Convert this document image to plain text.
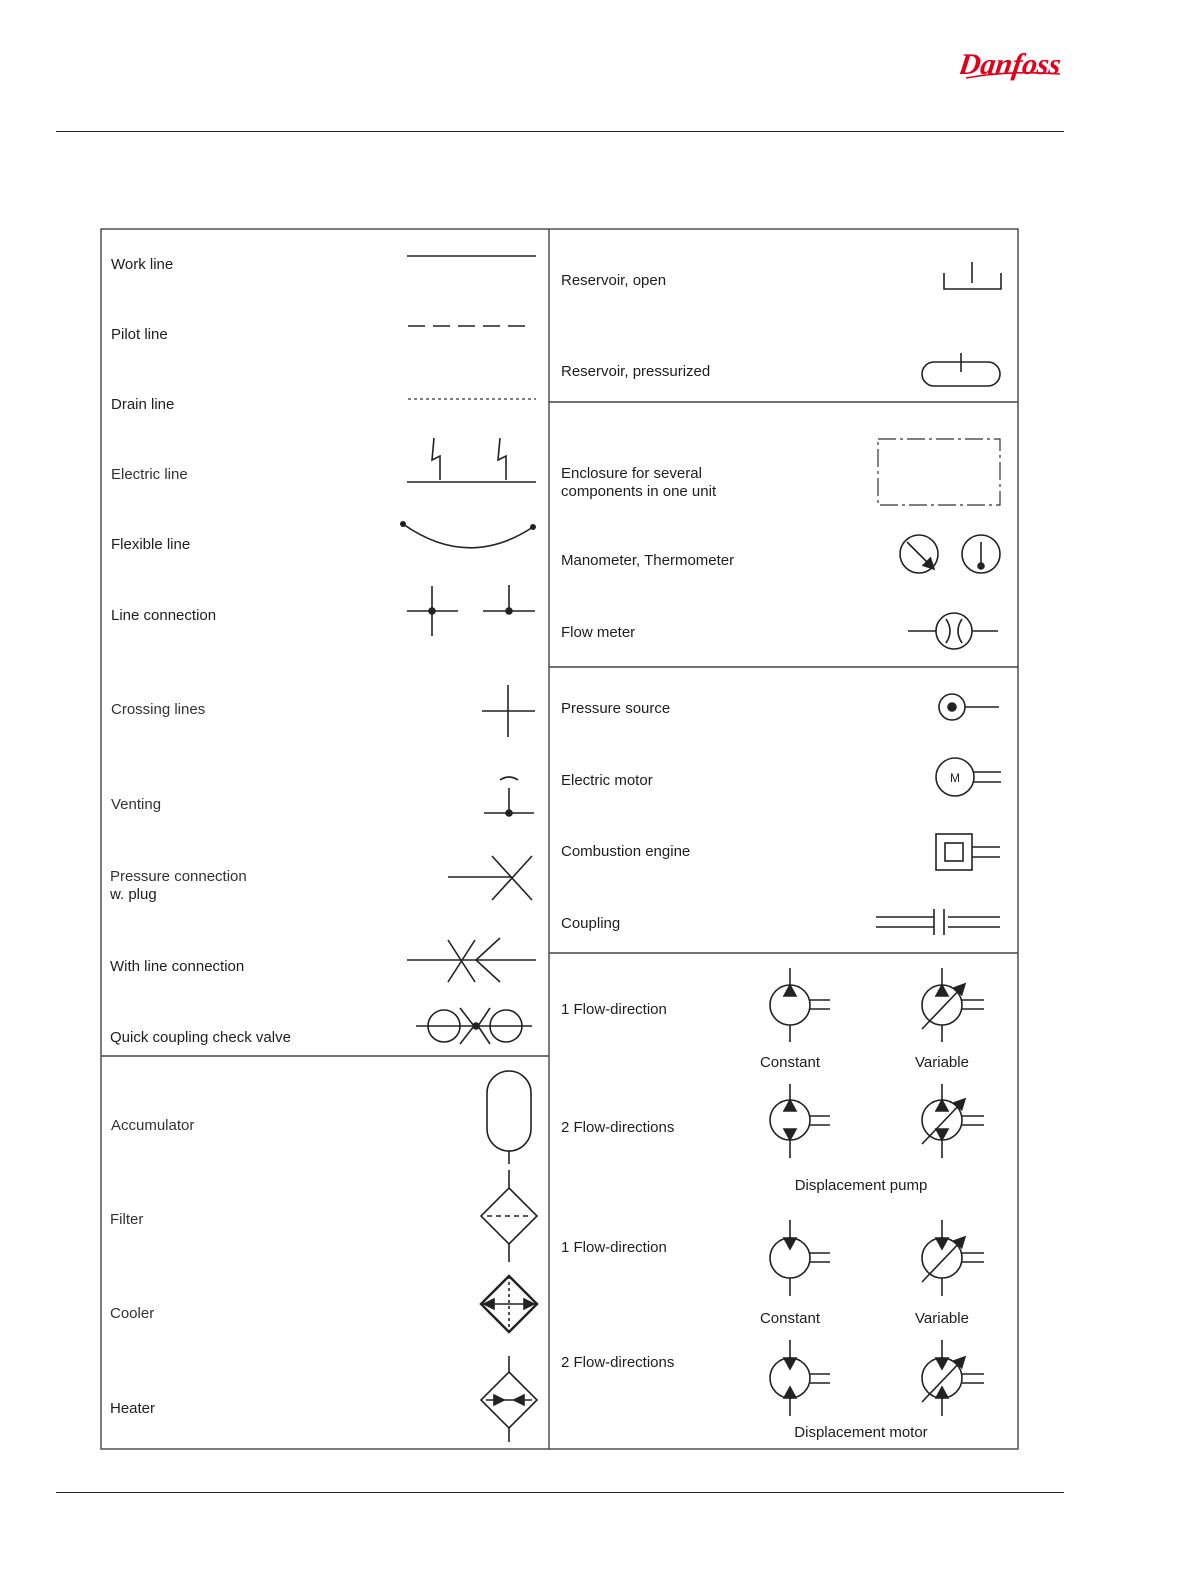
Danfoss
M
Work line
Pilot line
Drain line
Electric line
Flexible line
Line connection
Crossing lines
Venting
Pressure connection
w. plug
With line connection
Quick coupling check valve
Accumulator
Filter
Cooler
Heater
Reservoir, open
Reservoir, pressurized
Enclosure for several
components in one unit
Manometer, Thermometer
Flow meter
Pressure source
Electric motor
Combustion engine
Coupling
1 Flow-direction
Constant	Variable
2 Flow-directions
Displacement pump
1 Flow-direction
Constant	Variable
2 Flow-directions
Displacement motor
